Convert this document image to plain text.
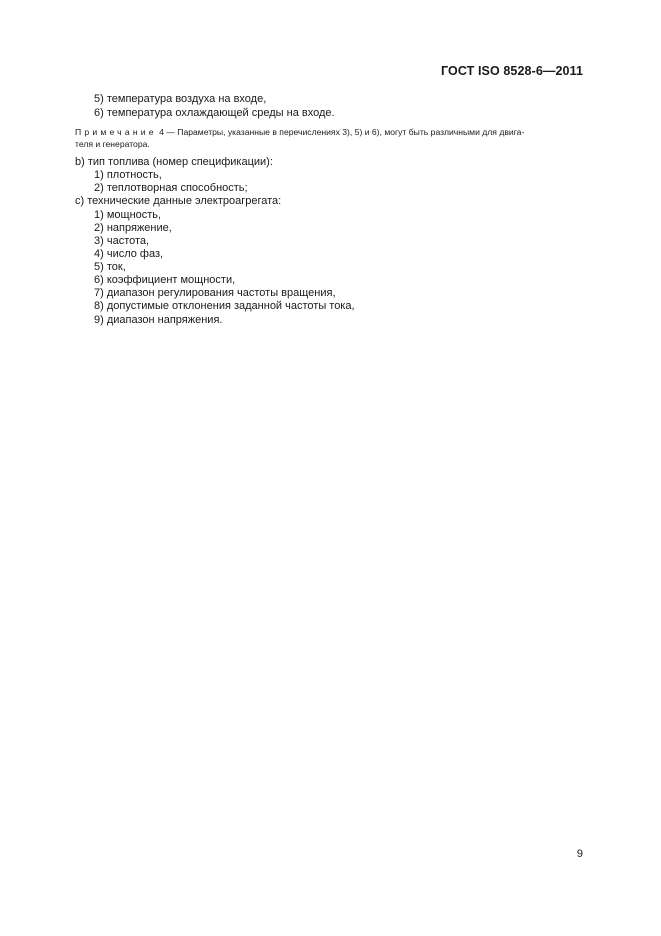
ГОСТ ISO 8528-6—2011
5) температура воздуха на входе,
6) температура охлаждающей среды на входе.
Примечание 4 — Параметры, указанные в перечислениях 3), 5) и 6), могут быть различными для двига-
теля и генератора.
b) тип топлива (номер спецификации):
1) плотность,
2) теплотворная способность;
c) технические данные электроагрегата:
1) мощность,
2) напряжение,
3) частота,
4) число фаз,
5) ток,
6) коэффициент мощности,
7) диапазон регулирования частоты вращения,
8) допустимые отклонения заданной частоты тока,
9) диапазон напряжения.
9
